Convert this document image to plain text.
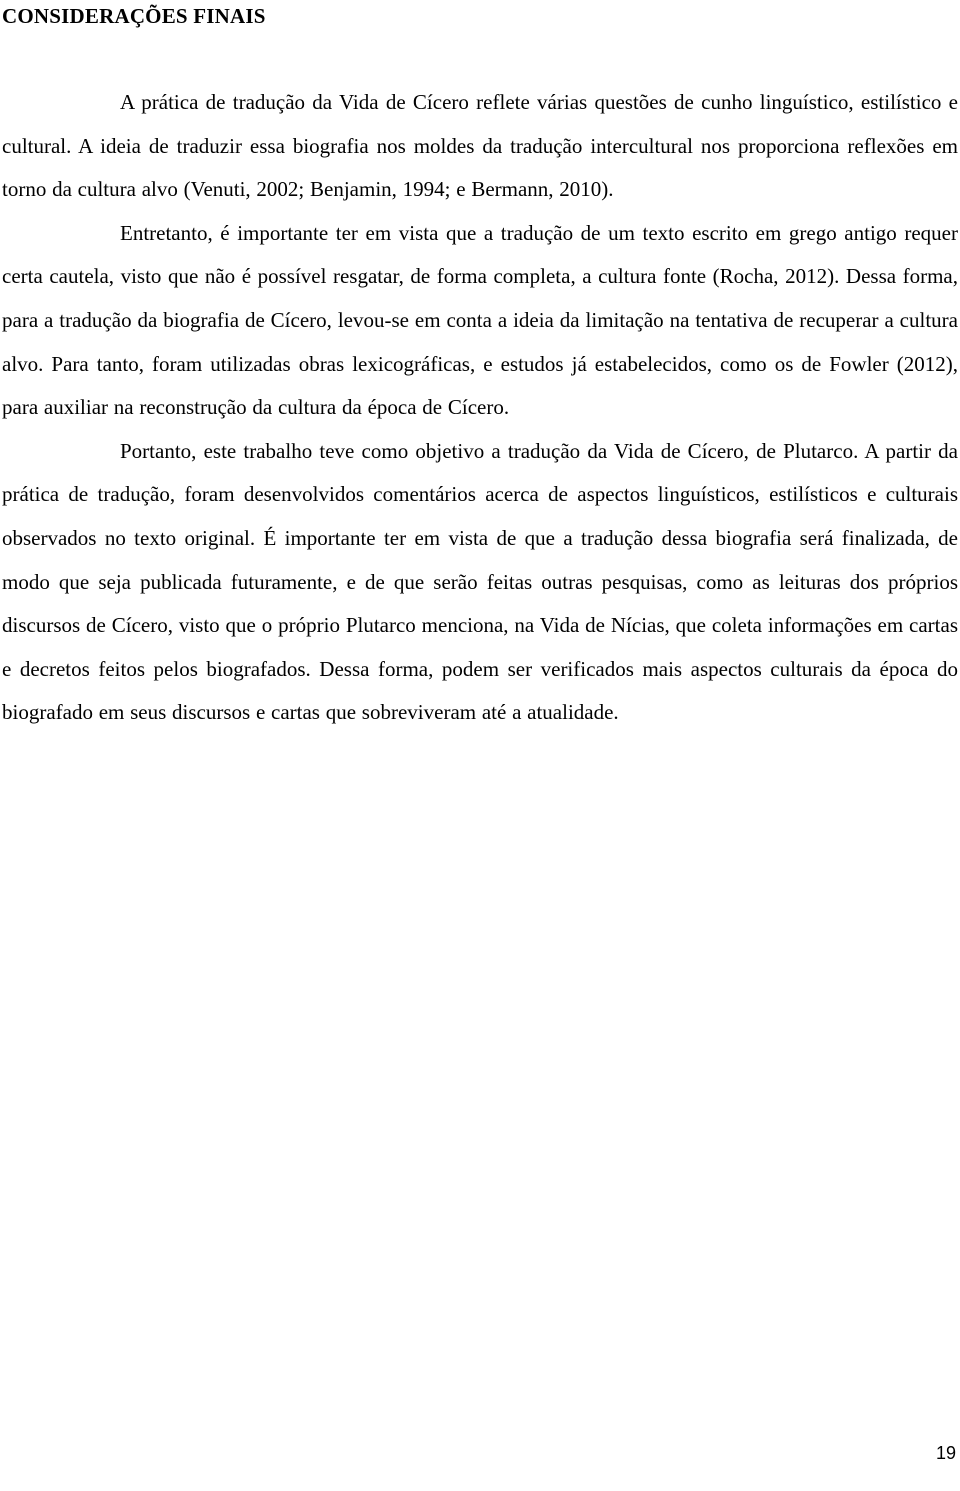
CONSIDERAÇÕES FINAIS

A prática de tradução da Vida de Cícero reflete várias questões de cunho linguístico, estilístico e cultural. A ideia de traduzir essa biografia nos moldes da tradução intercultural nos proporciona reflexões em torno da cultura alvo (Venuti, 2002; Benjamin, 1994; e Bermann, 2010).

Entretanto, é importante ter em vista que a tradução de um texto escrito em grego antigo requer certa cautela, visto que não é possível resgatar, de forma completa, a cultura fonte (Rocha, 2012). Dessa forma, para a tradução da biografia de Cícero, levou-se em conta a ideia da limitação na tentativa de recuperar a cultura alvo. Para tanto, foram utilizadas obras lexicográficas, e estudos já estabelecidos, como os de Fowler (2012), para auxiliar na reconstrução da cultura da época de Cícero.

Portanto, este trabalho teve como objetivo a tradução da Vida de Cícero, de Plutarco. A partir da prática de tradução, foram desenvolvidos comentários acerca de aspectos linguísticos, estilísticos e culturais observados no texto original. É importante ter em vista de que a tradução dessa biografia será finalizada, de modo que seja publicada futuramente, e de que serão feitas outras pesquisas, como as leituras dos próprios discursos de Cícero, visto que o próprio Plutarco menciona, na Vida de Nícias, que coleta informações em cartas e decretos feitos pelos biografados. Dessa forma, podem ser verificados mais aspectos culturais da época do biografado em seus discursos e cartas que sobreviveram até a atualidade.

19
